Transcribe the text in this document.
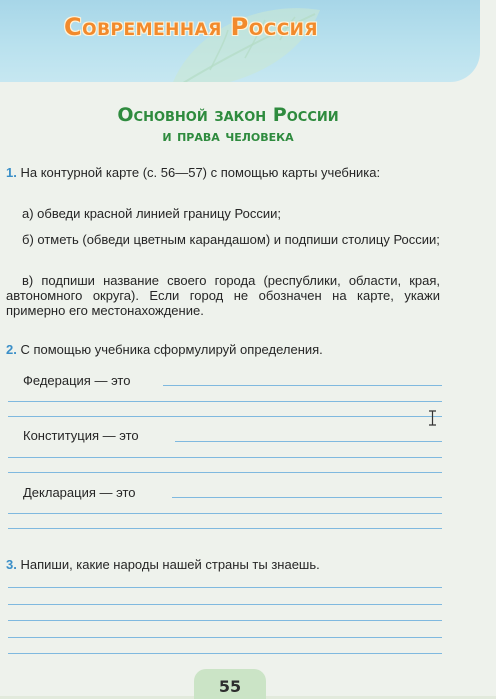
Современная Россия
Основной закон России
и права человека
1. На контурной карте (с. 56—57) с помощью карты учебника:
а) обведи красной линией границу России;
б) отметь (обведи цветным карандашом) и подпиши столицу России;
в) подпиши название своего города (республики, области, края, автономного округа). Если город не обозначен на карте, укажи примерно его местонахождение.
2. С помощью учебника сформулируй определения.
Федерация — это
Конституция — это
Декларация — это
3. Напиши, какие народы нашей страны ты знаешь.
55
